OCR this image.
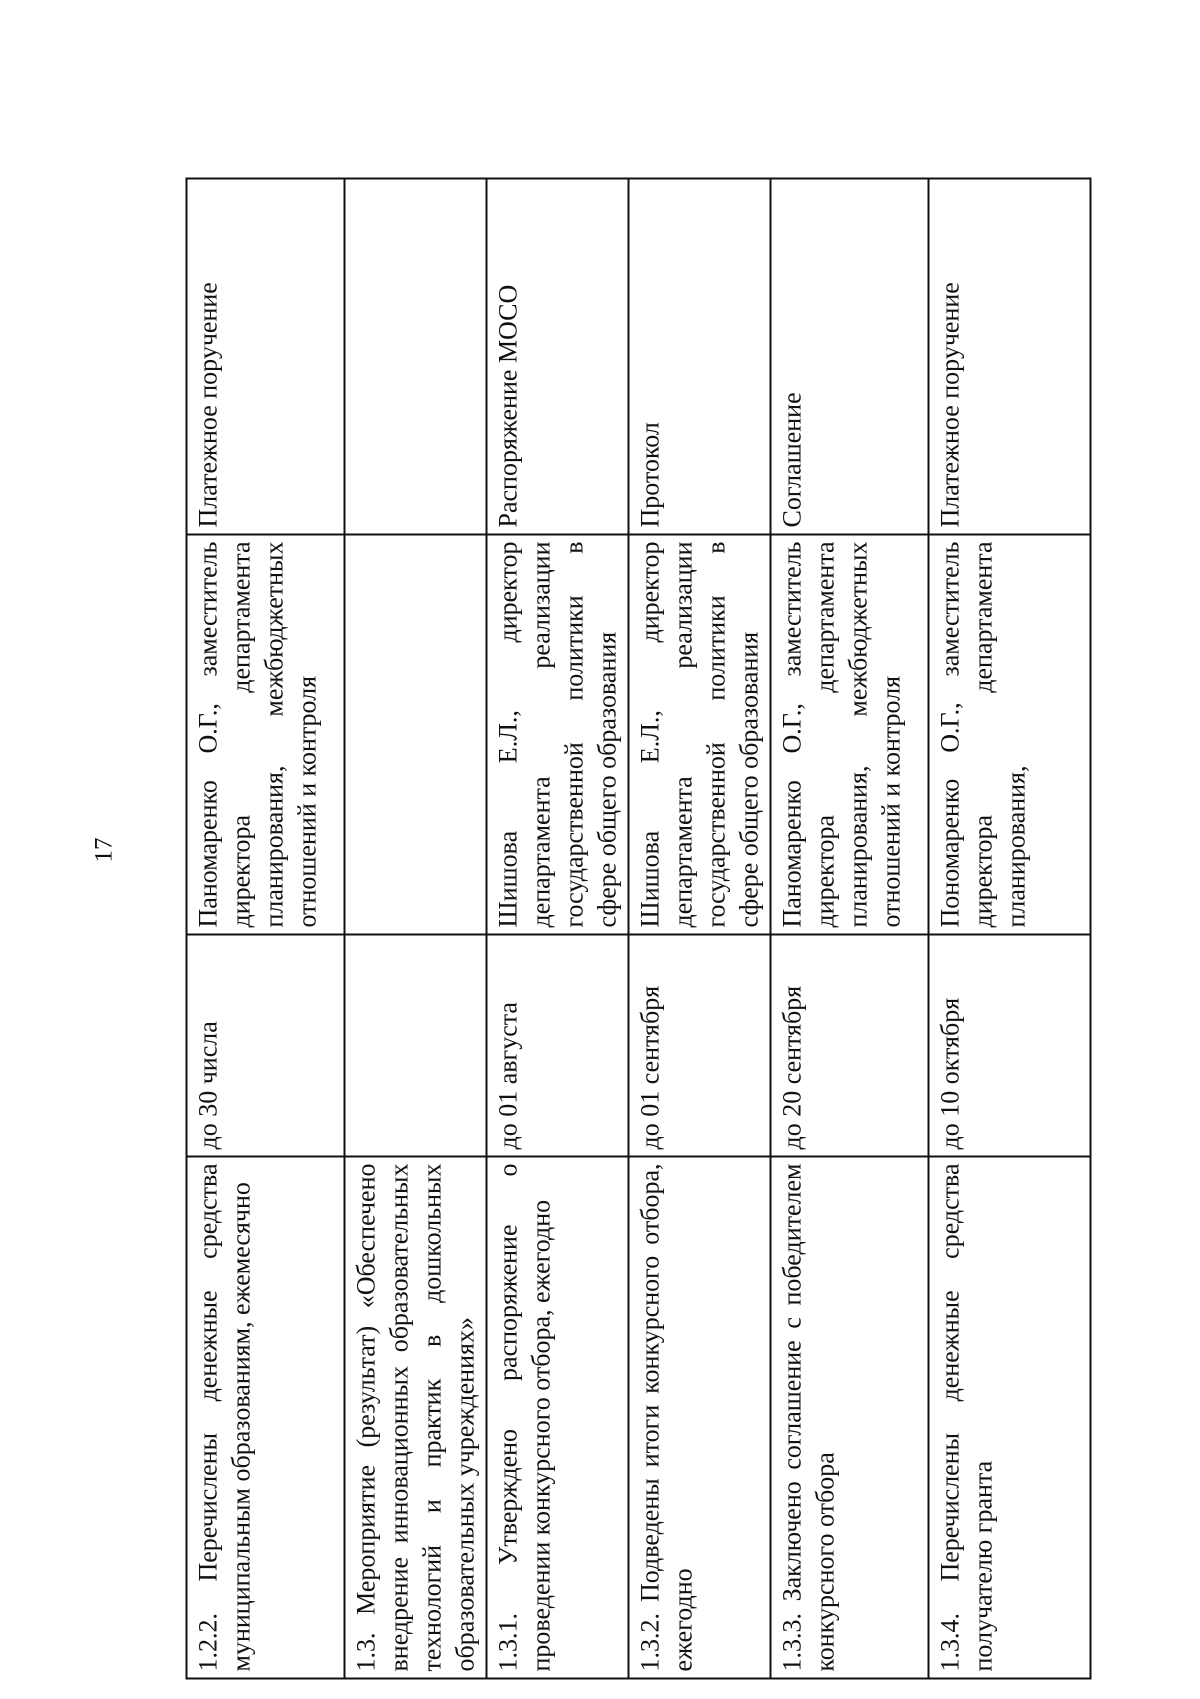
17
1.2.2. Перечислены денежные средства муниципальным образованиям, ежемесячно	до 30 числа	Паномаренко О.Г., заместитель директора департамента планирования, межбюджетных отношений и контроля	Платежное поручение
1.3. Мероприятие (результат) «Обеспечено внедрение инновационных образовательных технологий и практик в дошкольных образовательных учреждениях»			
1.3.1. Утверждено распоряжение о проведении конкурсного отбора, ежегодно	до 01 августа	Шишова Е.Л., директор департамента реализации государственной политики в сфере общего образования	Распоряжение МОСО
1.3.2. Подведены итоги конкурсного отбора, ежегодно	до 01 сентября	Шишова Е.Л., директор департамента реализации государственной политики в сфере общего образования	Протокол
1.3.3. Заключено соглашение с победителем конкурсного отбора	до 20 сентября	Паномаренко О.Г., заместитель директора департамента планирования, межбюджетных отношений и контроля	Соглашение
1.3.4. Перечислены денежные средства получателю гранта	до 10 октября	Пономаренко О.Г., заместитель директора департамента планирования,	Платежное поручение
